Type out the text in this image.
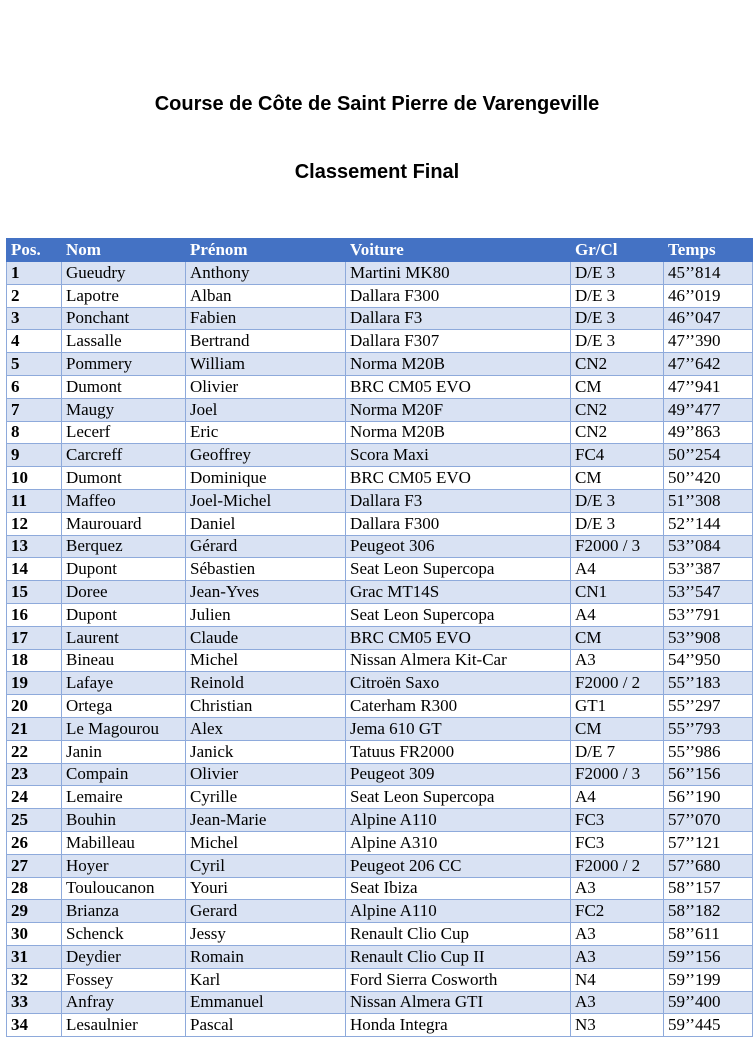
Course de Côte de Saint Pierre de Varengeville
Classement Final
Pos.	Nom	Prénom	Voiture	Gr/Cl	Temps
1	Gueudry	Anthony	Martini MK80	D/E 3	45’’814
2	Lapotre	Alban	Dallara F300	D/E 3	46’’019
3	Ponchant	Fabien	Dallara F3	D/E 3	46’’047
4	Lassalle	Bertrand	Dallara F307	D/E 3	47’’390
5	Pommery	William	Norma M20B	CN2	47’’642
6	Dumont	Olivier	BRC CM05 EVO	CM	47’’941
7	Maugy	Joel	Norma M20F	CN2	49’’477
8	Lecerf	Eric	Norma M20B	CN2	49’’863
9	Carcreff	Geoffrey	Scora Maxi	FC4	50’’254
10	Dumont	Dominique	BRC CM05 EVO	CM	50’’420
11	Maffeo	Joel-Michel	Dallara F3	D/E 3	51’’308
12	Maurouard	Daniel	Dallara F300	D/E 3	52’’144
13	Berquez	Gérard	Peugeot 306	F2000 / 3	53’’084
14	Dupont	Sébastien	Seat Leon Supercopa	A4	53’’387
15	Doree	Jean-Yves	Grac MT14S	CN1	53’’547
16	Dupont	Julien	Seat Leon Supercopa	A4	53’’791
17	Laurent	Claude	BRC CM05 EVO	CM	53’’908
18	Bineau	Michel	Nissan Almera Kit-Car	A3	54’’950
19	Lafaye	Reinold	Citroën Saxo	F2000 / 2	55’’183
20	Ortega	Christian	Caterham R300	GT1	55’’297
21	Le Magourou	Alex	Jema 610 GT	CM	55’’793
22	Janin	Janick	Tatuus FR2000	D/E 7	55’’986
23	Compain	Olivier	Peugeot 309	F2000 / 3	56’’156
24	Lemaire	Cyrille	Seat Leon Supercopa	A4	56’’190
25	Bouhin	Jean-Marie	Alpine A110	FC3	57’’070
26	Mabilleau	Michel	Alpine A310	FC3	57’’121
27	Hoyer	Cyril	Peugeot 206 CC	F2000 / 2	57’’680
28	Touloucanon	Youri	Seat Ibiza	A3	58’’157
29	Brianza	Gerard	Alpine A110	FC2	58’’182
30	Schenck	Jessy	Renault Clio Cup	A3	58’’611
31	Deydier	Romain	Renault Clio Cup II	A3	59’’156
32	Fossey	Karl	Ford Sierra Cosworth	N4	59’’199
33	Anfray	Emmanuel	Nissan Almera GTI	A3	59’’400
34	Lesaulnier	Pascal	Honda Integra	N3	59’’445
